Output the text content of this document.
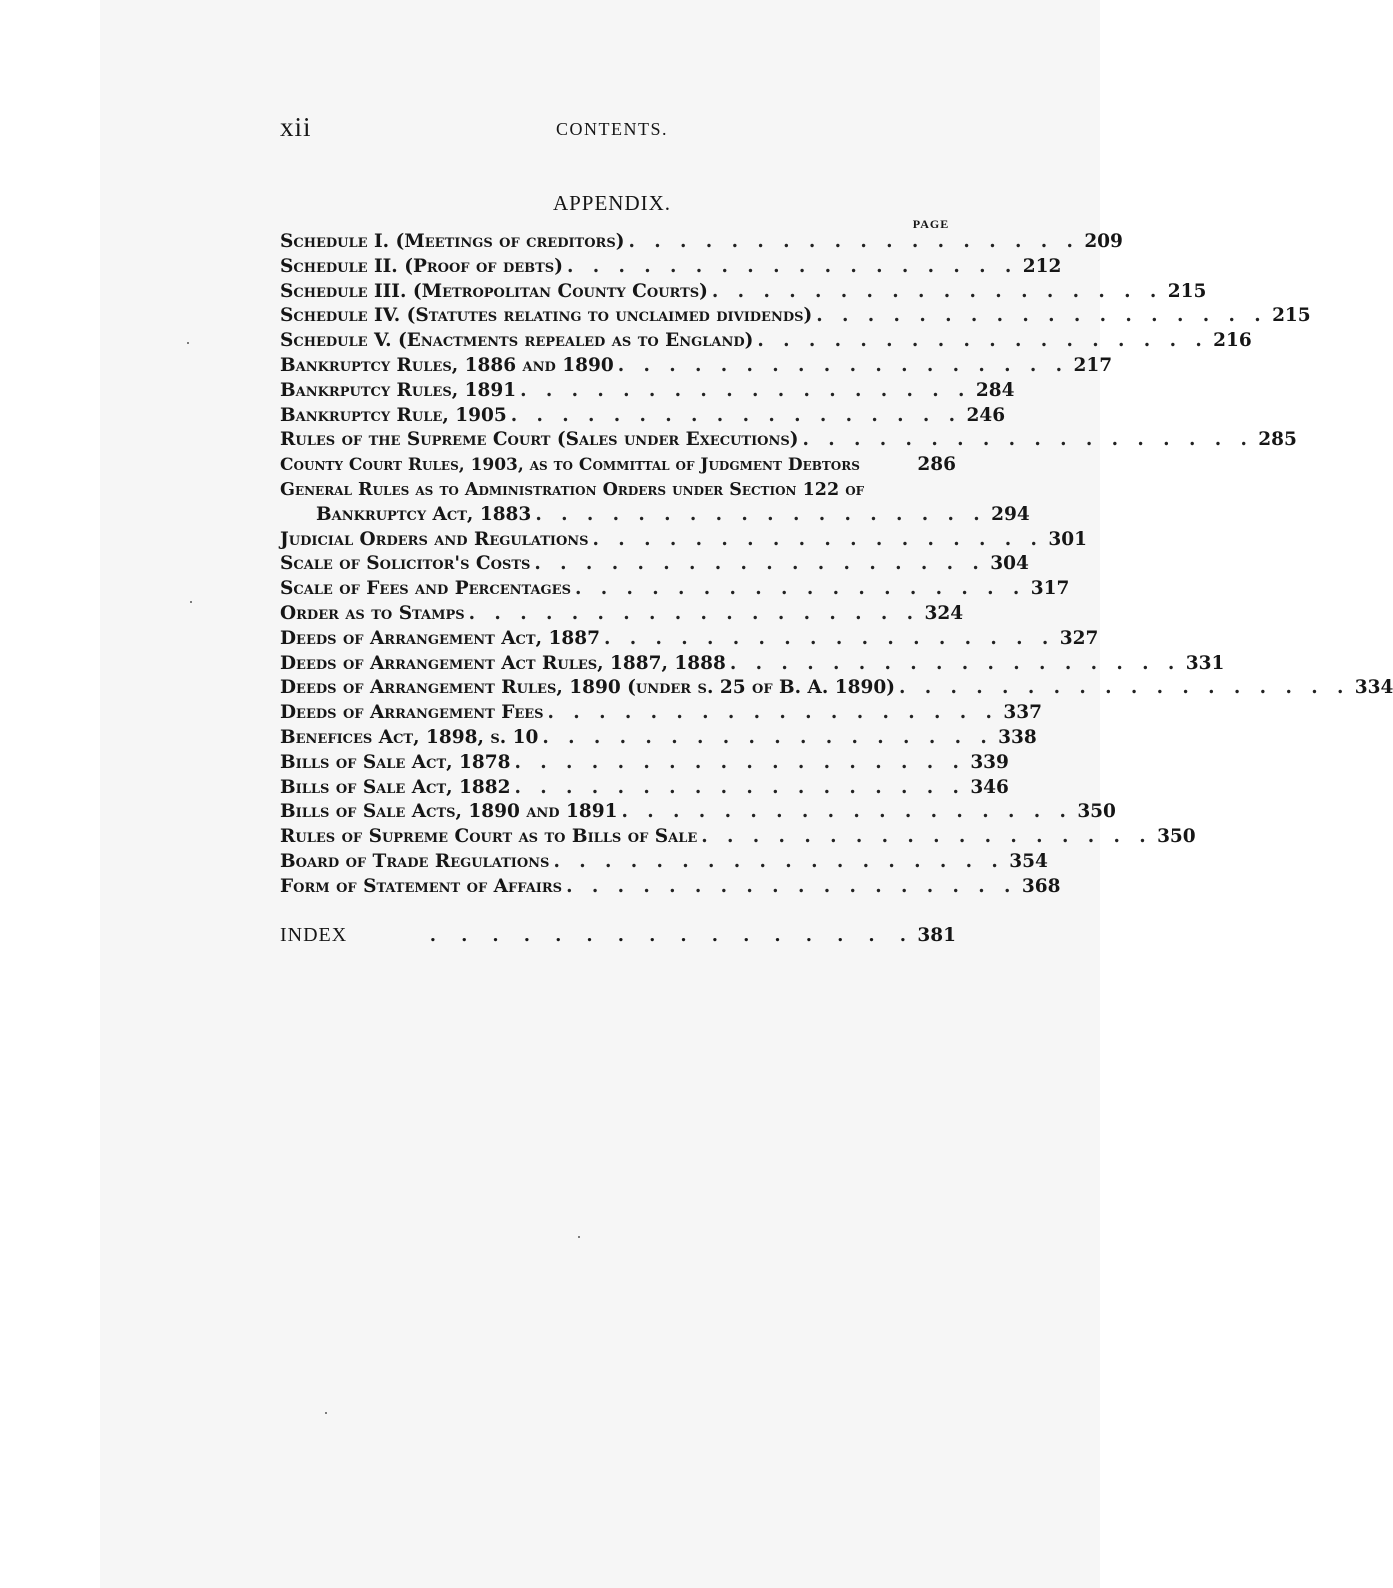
xii	CONTENTS.
APPENDIX.
PAGE
Schedule I. (Meetings of creditors) .   .   .   .   .   .   .   .   .   .   .   .   .   .   .   .   .   . 209
Schedule II. (Proof of debts) .   .   .   .   .   .   .   .   .   .   .   .   .   .   .   .   .   . 212
Schedule III. (Metropolitan County Courts) .   .   .   .   .   .   .   .   .   .   .   .   .   .   .   .   .   . 215
Schedule IV. (Statutes relating to unclaimed dividends) .   .   .   .   .   .   .   .   .   .   .   .   .   .   .   .   .   . 215
Schedule V. (Enactments repealed as to England) .   .   .   .   .   .   .   .   .   .   .   .   .   .   .   .   .   . 216
Bankruptcy Rules, 1886 and 1890 .   .   .   .   .   .   .   .   .   .   .   .   .   .   .   .   .   . 217
Bankrputcy Rules, 1891 .   .   .   .   .   .   .   .   .   .   .   .   .   .   .   .   .   . 284
Bankruptcy Rule, 1905 .   .   .   .   .   .   .   .   .   .   .   .   .   .   .   .   .   . 246
Rules of the Supreme Court (Sales under Executions) .   .   .   .   .   .   .   .   .   .   .   .   .   .   .   .   .   . 285
County Court Rules, 1903, as to Committal of Judgment Debtors	286
General Rules as to Administration Orders under Section 122 of
Bankruptcy Act, 1883 .   .   .   .   .   .   .   .   .   .   .   .   .   .   .   .   .   . 294
Judicial Orders and Regulations .   .   .   .   .   .   .   .   .   .   .   .   .   .   .   .   .   . 301
Scale of Solicitor's Costs .   .   .   .   .   .   .   .   .   .   .   .   .   .   .   .   .   . 304
Scale of Fees and Percentages .   .   .   .   .   .   .   .   .   .   .   .   .   .   .   .   .   . 317
Order as to Stamps .   .   .   .   .   .   .   .   .   .   .   .   .   .   .   .   .   . 324
Deeds of Arrangement Act, 1887 .   .   .   .   .   .   .   .   .   .   .   .   .   .   .   .   .   . 327
Deeds of Arrangement Act Rules, 1887, 1888 .   .   .   .   .   .   .   .   .   .   .   .   .   .   .   .   .   . 331
Deeds of Arrangement Rules, 1890 (under s. 25 of B. A. 1890) .   .   .   .   .   .   .   .   .   .   .   .   .   .   .   .   .   . 334
Deeds of Arrangement Fees .   .   .   .   .   .   .   .   .   .   .   .   .   .   .   .   .   . 337
Benefices Act, 1898, s. 10 .   .   .   .   .   .   .   .   .   .   .   .   .   .   .   .   .   . 338
Bills of Sale Act, 1878 .   .   .   .   .   .   .   .   .   .   .   .   .   .   .   .   .   . 339
Bills of Sale Act, 1882 .   .   .   .   .   .   .   .   .   .   .   .   .   .   .   .   .   . 346
Bills of Sale Acts, 1890 and 1891 .   .   .   .   .   .   .   .   .   .   .   .   .   .   .   .   .   . 350
Rules of Supreme Court as to Bills of Sale .   .   .   .   .   .   .   .   .   .   .   .   .   .   .   .   .   . 350
Board of Trade Regulations .   .   .   .   .   .   .   .   .   .   .   .   .   .   .   .   .   . 354
Form of Statement of Affairs .   .   .   .   .   .   .   .   .   .   .   .   .   .   .   .   .   . 368
INDEX	.    .    .    .    .    .    .    .    .    .    .    .    .    .    .    . 381
